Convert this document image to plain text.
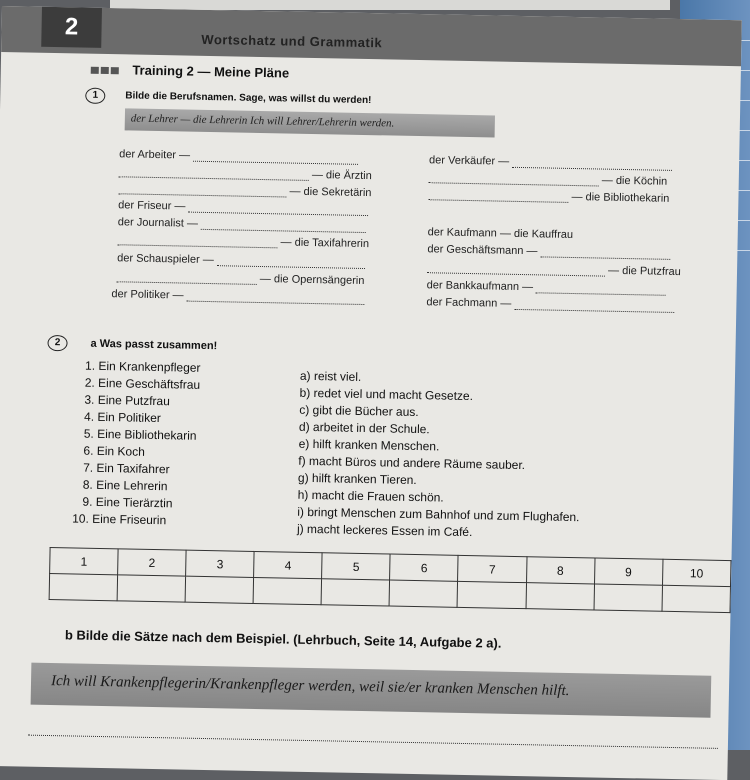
2
Wortschatz und Grammatik
Training 2 — Meine Pläne
1	Bilde die Berufsnamen. Sage, was willst du werden!
der Lehrer — die Lehrerin Ich will Lehrer/Lehrerin werden.
der Arbeiter —
— die Ärztin
— die Sekretärin
der Friseur —
der Journalist —
— die Taxifahrerin
der Schauspieler —
— die Opernsängerin
der Politiker —
der Verkäufer —
— die Köchin
— die Bibliothekarin
der Kaufmann — die Kauffrau
der Geschäftsmann —
— die Putzfrau
der Bankkaufmann —
der Fachmann —
2	a Was passt zusammen!
1. Ein Krankenpfleger
2. Eine Geschäftsfrau
3. Eine Putzfrau
4. Ein Politiker
5. Eine Bibliothekarin
6. Ein Koch
7. Ein Taxifahrer
8. Eine Lehrerin
9. Eine Tierärztin
10. Eine Friseurin
a) reist viel.
b) redet viel und macht Gesetze.
c) gibt die Bücher aus.
d) arbeitet in der Schule.
e) hilft kranken Menschen.
f) macht Büros und andere Räume sauber.
g) hilft kranken Tieren.
h) macht die Frauen schön.
i) bringt Menschen zum Bahnhof und zum Flughafen.
j) macht leckeres Essen im Café.
1	2	3	4	5	6	7	8	9	10

b Bilde die Sätze nach dem Beispiel. (Lehrbuch, Seite 14, Aufgabe 2 a).
Ich will Krankenpflegerin/Krankenpfleger werden, weil sie/er kranken Menschen hilft.
